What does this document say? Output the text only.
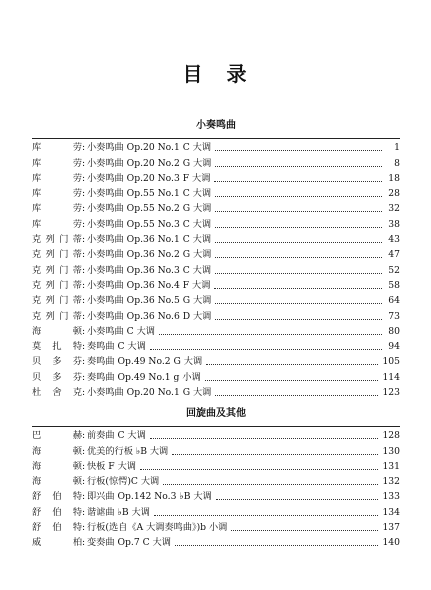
目　录
小奏鸣曲
库	劳 : 小奏鸣曲 Op.20 No.1 C 大调	1
库	劳 : 小奏鸣曲 Op.20 No.2 G 大调	8
库	劳 : 小奏鸣曲 Op.20 No.3 F 大调	18
库	劳 : 小奏鸣曲 Op.55 No.1 C 大调	28
库	劳 : 小奏鸣曲 Op.55 No.2 G 大调	32
库	劳 : 小奏鸣曲 Op.55 No.3 C 大调	38
克 列 门 蒂 : 小奏鸣曲 Op.36 No.1 C 大调	43
克 列 门 蒂 : 小奏鸣曲 Op.36 No.2 G 大调	47
克 列 门 蒂 : 小奏鸣曲 Op.36 No.3 C 大调	52
克 列 门 蒂 : 小奏鸣曲 Op.36 No.4 F 大调	58
克 列 门 蒂 : 小奏鸣曲 Op.36 No.5 G 大调	64
克 列 门 蒂 : 小奏鸣曲 Op.36 No.6 D 大调	73
海	顿 : 小奏鸣曲 C 大调	80
莫 扎 特 : 奏鸣曲 C 大调	94
贝 多 芬 : 奏鸣曲 Op.49 No.2 G 大调	105
贝 多 芬 : 奏鸣曲 Op.49 No.1 g 小调	114
杜 舍 克 : 小奏鸣曲 Op.20 No.1 G 大调	123
回旋曲及其他
巴	赫 : 前奏曲 C 大调	128
海	顿 : 优美的行板 ♭B 大调	130
海	顿 : 快板 F 大调	131
海	顿 : 行板(惊愕)C 大调	132
舒 伯 特 : 即兴曲 Op.142 No.3 ♭B 大调	133
舒 伯 特 : 谐谑曲 ♭B 大调	134
舒 伯 特 : 行板(选自《A 大调奏鸣曲》)b 小调	137
威	柏 : 变奏曲 Op.7 C 大调	140
